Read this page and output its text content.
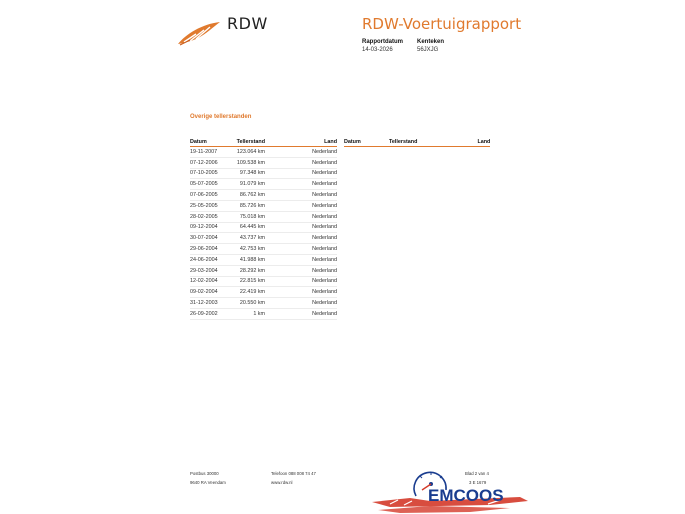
RDW	RDW-Voertuigrapport
Rapportdatum
14-03-2026
Kenteken
56JXJG
Overige tellerstanden
Datum	Tellerstand	Land
19-11-2007	123.064 km	Nederland
07-12-2006	109.538 km	Nederland
07-10-2005	97.348 km	Nederland
05-07-2005	91.079 km	Nederland
07-06-2005	86.762 km	Nederland
25-05-2005	85.726 km	Nederland
28-02-2005	75.018 km	Nederland
09-12-2004	64.445 km	Nederland
30-07-2004	43.737 km	Nederland
29-06-2004	42.753 km	Nederland
24-06-2004	41.988 km	Nederland
29-03-2004	28.292 km	Nederland
12-02-2004	22.815 km	Nederland
09-02-2004	22.419 km	Nederland
31-12-2003	20.550 km	Nederland
26-09-2002	1 km	Nederland
Datum	Tellerstand	Land
Postbus 30000
9640 RA Veendam
Telefoon 088 008 74 47
www.rdw.nl
Blad 2 van 4
3 E 1679
EMCOOS
